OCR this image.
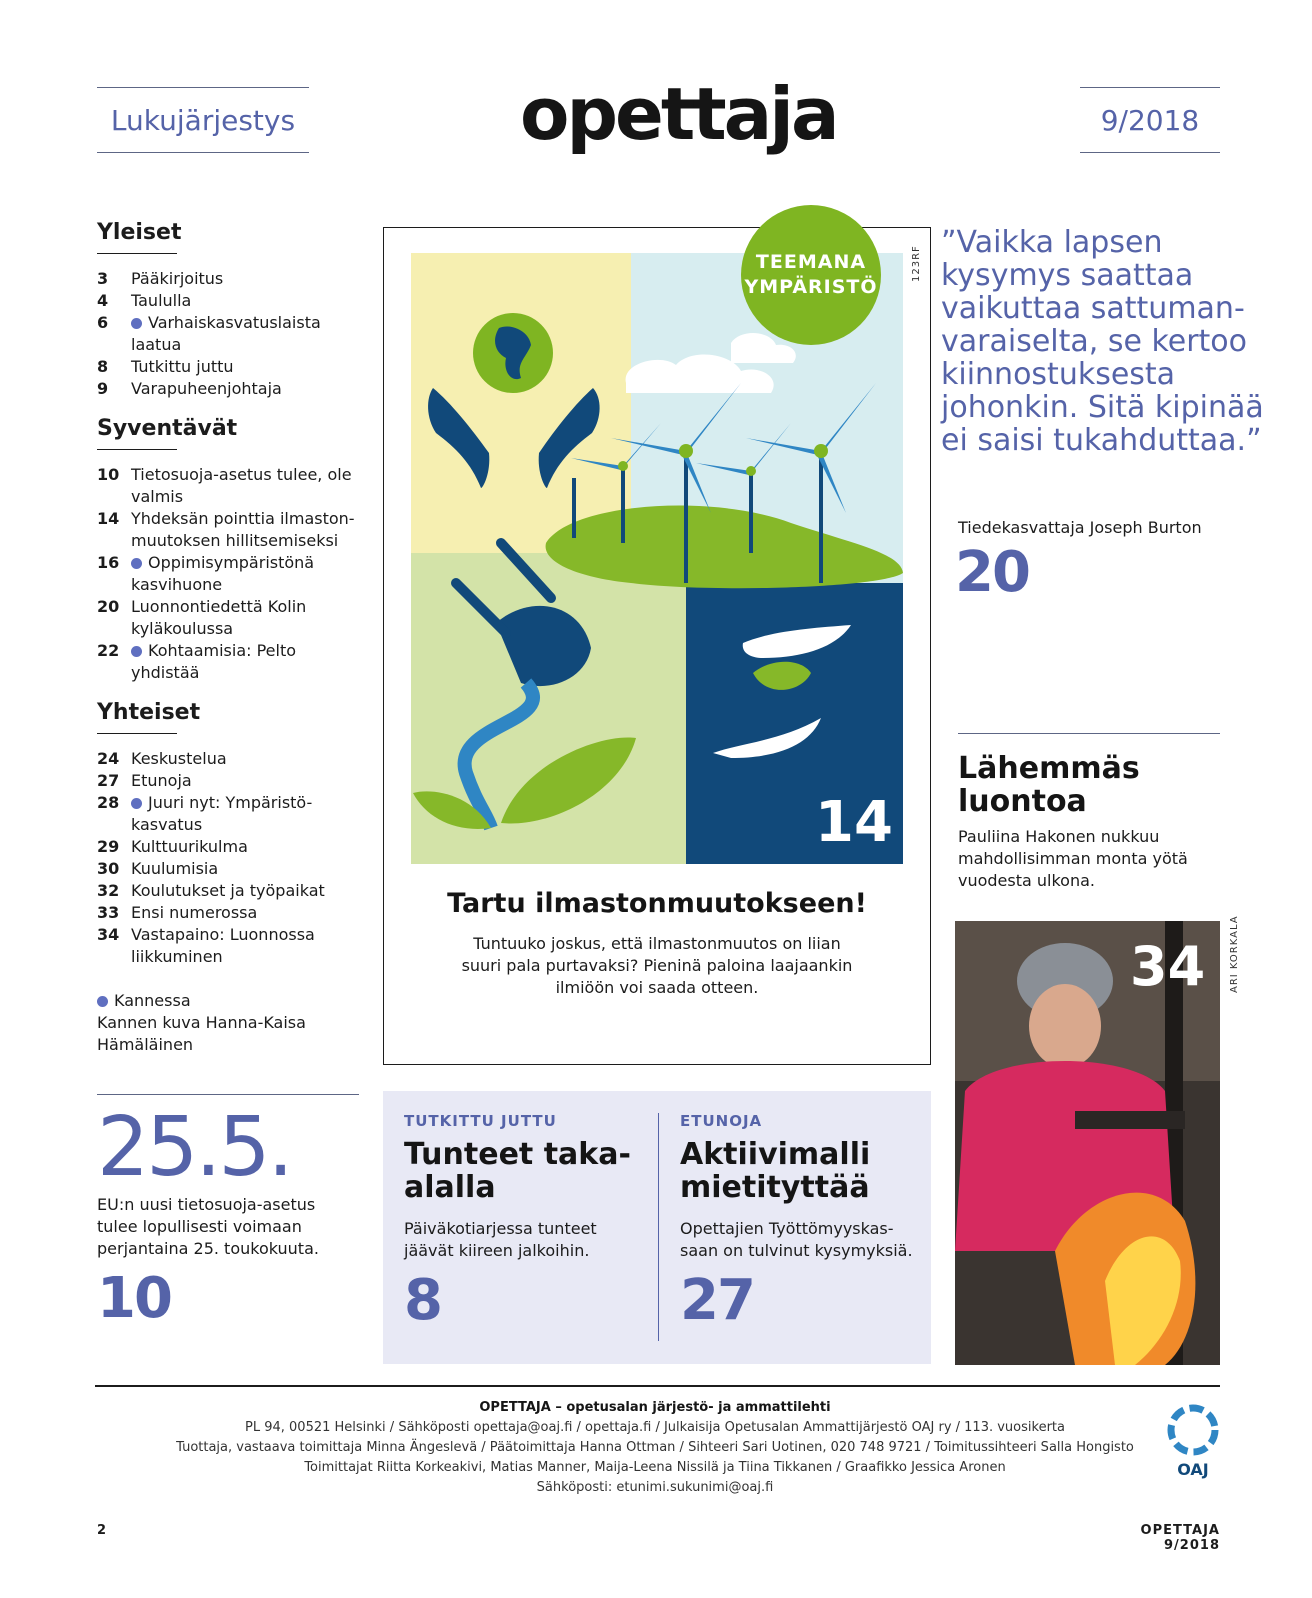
Lukujärjestys	opettaja	9/2018
Yleiset
3	Pääkirjoitus
4	Taululla
6	Varhaiskasvatuslaista laatua
8	Tutkittu juttu
9	Varapuheenjohtaja
Syventävät
10 Tietosuoja-asetus tulee, ole valmis
14 Yhdeksän pointtia ilmaston-muutoksen hillitsemiseksi
16	Oppimisympäristönä kasvihuone
20 Luonnontiedettä Kolin kyläkoulussa
22	Kohtaamisia: Pelto yhdistää
Yhteiset
24 Keskustelua
27 Etunoja
28	Juuri nyt: Ympäristö-kasvatus
29 Kulttuurikulma
30 Kuulumisia
32 Koulutukset ja työpaikat
33 Ensi numerossa
34 Vastapaino: Luonnossa liikkuminen
Kannessa
Kannen kuva Hanna-Kaisa Hämäläinen
25.5.
EU:n uusi tietosuoja-asetus tulee lopullisesti voimaan perjantaina 25. toukokuuta.
10
TEEMANA
YMPÄRISTÖ
123RF
14
Tartu ilmastonmuutokseen!
Tuntuuko joskus, että ilmastonmuutos on liian suuri pala purtavaksi? Pieninä paloina laajaankin ilmiöön voi saada otteen.
”Vaikka lapsen kysymys saattaa vaikuttaa sattuman-varaiselta, se kertoo kiinnostuksesta johonkin. Sitä kipinää ei saisi tukahduttaa.”
Tiedekasvattaja Joseph Burton
20
Lähemmäs luontoa
Pauliina Hakonen nukkuu mahdollisimman monta yötä vuodesta ulkona.
34 ARI KORKALA
TUTKITTU JUTTU
Tunteet taka-alalla
Päiväkotiarjessa tunteet jäävät kiireen jalkoihin.
8
ETUNOJA
Aktiivimalli mietityttää
Opettajien Työttömyyskas-saan on tulvinut kysymyksiä.
27
OPETTAJA – opetusalan järjestö- ja ammattilehti
PL 94, 00521 Helsinki / Sähköposti opettaja@oaj.fi / opettaja.fi / Julkaisija Opetusalan Ammattijärjestö OAJ ry / 113. vuosikerta
Tuottaja, vastaava toimittaja Minna Ängeslevä / Päätoimittaja Hanna Ottman / Sihteeri Sari Uotinen, 020 748 9721 / Toimitussihteeri Salla Hongisto
Toimittajat Riitta Korkeakivi, Matias Manner, Maija-Leena Nissilä ja Tiina Tikkanen / Graafikko Jessica Aronen
Sähköposti: etunimi.sukunimi@oaj.fi
OAJ
2	OPETTAJA 9/2018
